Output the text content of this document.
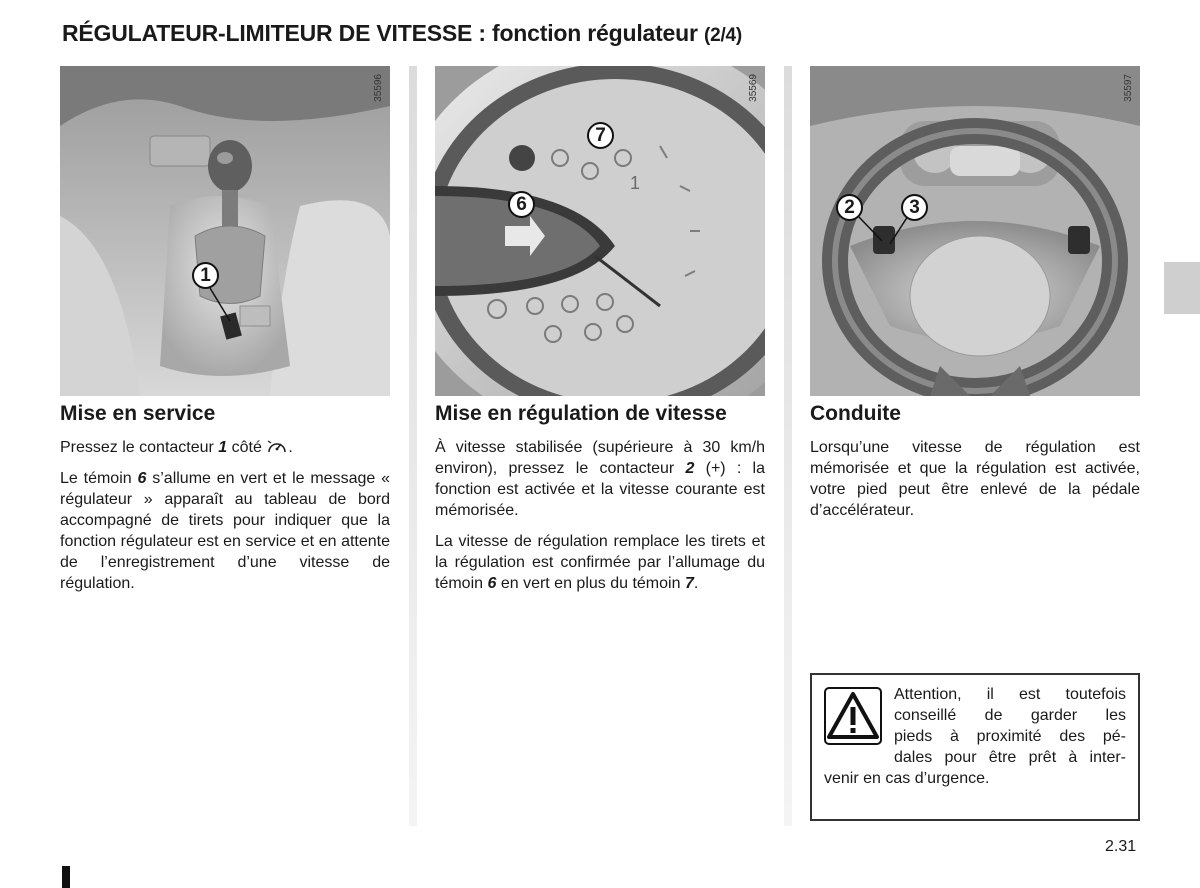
RÉGULATEUR-LIMITEUR DE VITESSE : fonction régulateur (2/4)
35596
1
1
35569
7
6
35597
2	3
Mise en service	Mise en régulation de vitesse	Conduite

Pressez le contacteur 1 côté .

Le témoin 6 s’allume en vert et le message « régulateur » apparaît au tableau de bord accompagné de tirets pour indiquer que la fonction régulateur est en service et en attente de l’enregistrement d’une vitesse de régulation.

À vitesse stabilisée (supérieure à 30 km/h environ), pressez le contacteur 2 (+) : la fonction est activée et la vitesse courante est mémorisée.

La vitesse de régulation remplace les tirets et la régulation est confirmée par l’allumage du témoin 6 en vert en plus du témoin 7.

Lorsqu’une vitesse de régulation est mémorisée et que la régulation est activée, votre pied peut être enlevé de la pédale d’accélérateur.

Attention, il est toutefois
conseillé de garder les
pieds à proximité des pé-
dales pour être prêt à inter-
venir en cas d’urgence.
2.31
